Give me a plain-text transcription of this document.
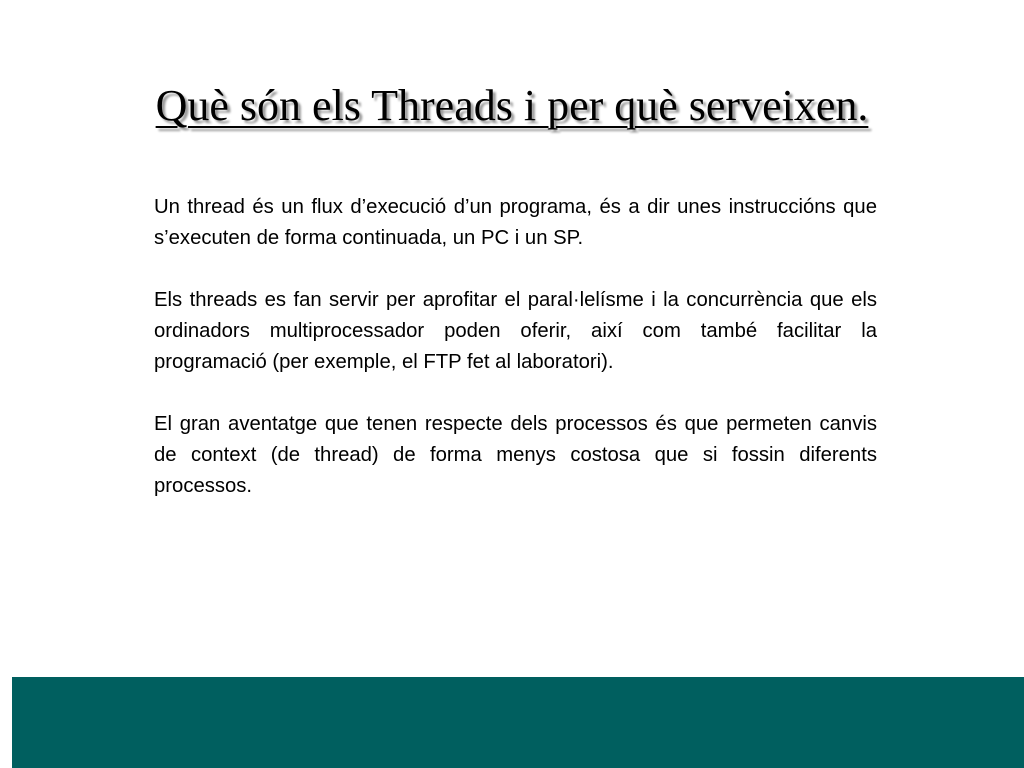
Què són els Threads i per què serveixen.

Un thread és un flux d’execució d’un programa, és a dir unes instruccións que s’executen de forma continuada, un PC i un SP.

Els threads es fan servir per aprofitar el paral·lelísme i la concurrència que els ordinadors multiprocessador poden oferir, així com també facilitar la programació (per exemple, el FTP fet al laboratori).

El gran aventatge que tenen respecte dels processos és que permeten canvis de context (de thread) de forma menys costosa que si fossin diferents processos.
